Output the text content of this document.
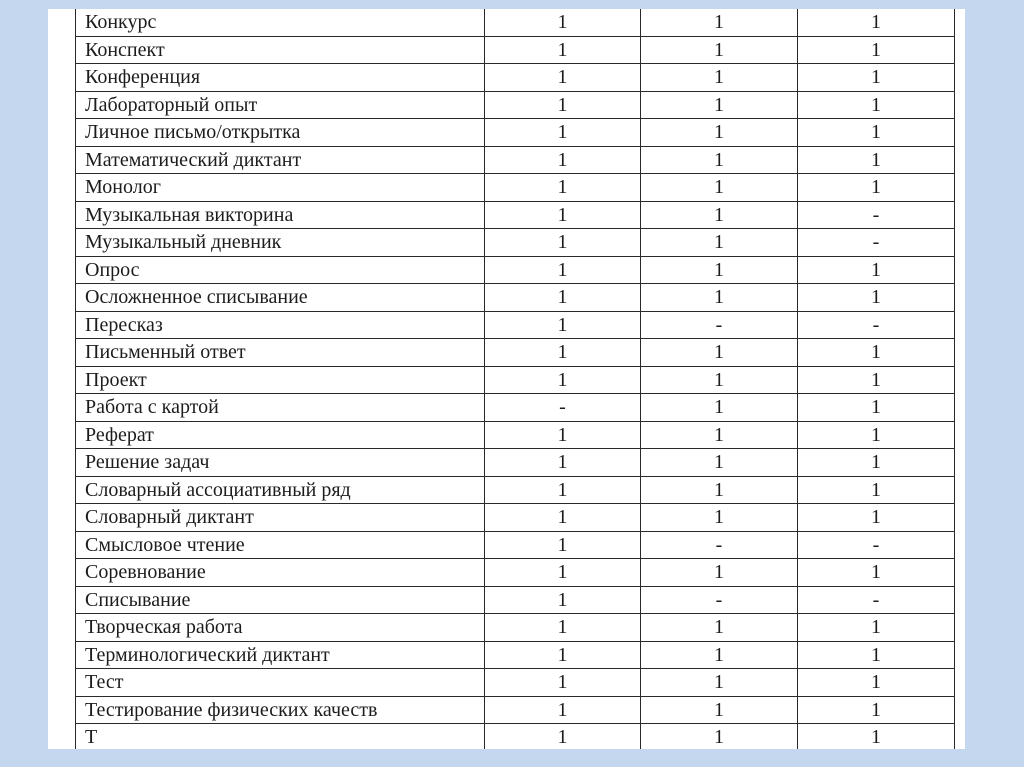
Конкурс	1	1	1
Конспект	1	1	1
Конференция	1	1	1
Лабораторный опыт	1	1	1
Личное письмо/открытка	1	1	1
Математический диктант	1	1	1
Монолог	1	1	1
Музыкальная викторина	1	1	-
Музыкальный дневник	1	1	-
Опрос	1	1	1
Осложненное списывание	1	1	1
Пересказ	1	-	-
Письменный ответ	1	1	1
Проект	1	1	1
Работа с картой	-	1	1
Реферат	1	1	1
Решение задач	1	1	1
Словарный ассоциативный ряд	1	1	1
Словарный диктант	1	1	1
Смысловое чтение	1	-	-
Соревнование	1	1	1
Списывание	1	-	-
Творческая работа	1	1	1
Терминологический диктант	1	1	1
Тест	1	1	1
Тестирование физических качеств	1	1	1
Т	1	1	1
